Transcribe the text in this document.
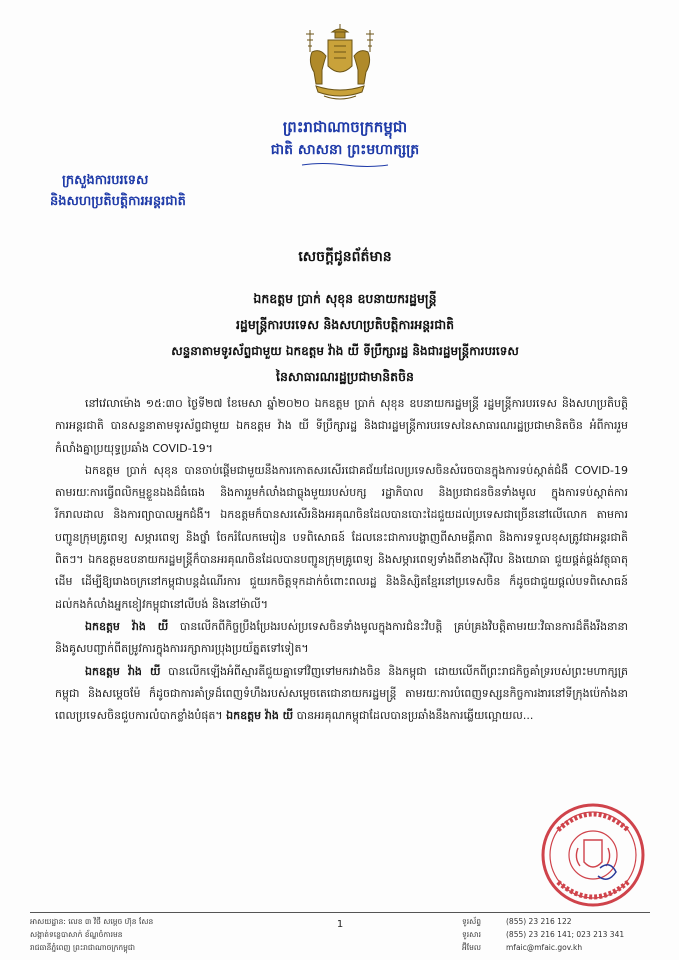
ព្រះរាជាណាចក្រកម្ពុជា
ជាតិ សាសនា ព្រះមហាក្សត្រ
ក្រសួងការបរទេស
និងសហប្រតិបត្តិការអន្តរជាតិ
សេចក្តីជូនព័ត៌មាន
ឯកឧត្តម ប្រាក់ សុខុន ឧបនាយករដ្ឋមន្ត្រី
រដ្ឋមន្ត្រីការបរទេស និងសហប្រតិបត្តិការអន្តរជាតិ
សន្ទនាតាមទូរស័ព្ទជាមួយ ឯកឧត្តម វ៉ាង យី ទីប្រឹក្សារដ្ឋ និងជារដ្ឋមន្ត្រីការបរទេស
នៃសាធារណរដ្ឋប្រជាមានិតចិន

នៅវេលាម៉ោង ១៥:៣០ ថ្ងៃទី២៧ ខែមេសា ឆ្នាំ២០២០ ឯកឧត្តម ប្រាក់ សុខុន ឧបនាយករដ្ឋមន្ត្រី រដ្ឋមន្ត្រីការបរទេស និងសហប្រតិបត្តិការអន្តរជាតិ បានសន្ទនាតាមទូរស័ព្ទជាមួយ ឯកឧត្តម វ៉ាង យី ទីប្រឹក្សារដ្ឋ និងជារដ្ឋមន្ត្រីការបរទេសនៃសាធារណរដ្ឋប្រជាមានិតចិន អំពីការរួមកំលាំងគ្នាប្រយុទ្ធប្រឆាំង COVID-19។

ឯកឧត្តម ប្រាក់ សុខុន បានចាប់ផ្តើមជាមួយនឹងការកោតសរសើរជោគជ័យដែលប្រទេសចិនសំរេចបានក្នុងការទប់ស្កាត់ជំងឺ COVID-19 តាមរយៈការធ្វើពលិកម្មខ្លួនឯងដ៏ធំធេង និងការរួមកំលាំងជាធ្លុងមួយរបស់បក្ស រដ្ឋាភិបាល និងប្រជាជនចិនទាំងមូល ក្នុងការទប់ស្កាត់ការរីករាលដាល និងការព្យាបាលអ្នកជំងឺ។ ឯកឧត្តមក៏បានសរសើរនិងអរគុណចិនដែលបានបោះដៃជួយដល់ប្រទេសជាច្រើននៅលើលោក តាមការបញ្ជូនក្រុមគ្រូពេទ្យ សម្ភារពេទ្យ និងថ្នាំ ចែករំលែកមេរៀន បទពិសោធន៍ ដែលនេះជាការបង្ហាញពីសាមគ្គីភាព និងការទទួលខុសត្រូវជាអន្តរជាតិពិតៗ។ ឯកឧត្តមឧបនាយករដ្ឋមន្ត្រីក៏បានអរគុណចិនដែលបានបញ្ជូនក្រុមគ្រូពេទ្យ និងសម្ភារពេទ្យទាំងពីខាងស៊ីវិល និងយោធា ជួយផ្គត់ផ្គង់វត្ថុធាតុដើម ដើម្បីឱ្យរោងចក្រនៅកម្ពុជាបន្តដំណើរការ ជួយរកចិត្តទុកដាក់ចំពោះពលរដ្ឋ និងនិស្សិតខ្មែរនៅប្រទេសចិន ក៏ដូចជាជួយផ្តល់បទពិសោធន៍ដល់កងកំលាំងអ្នកខៀវកម្ពុជានៅលីបង់ និងនៅម៉ាលី។

ឯកឧត្តម វ៉ាង យី បានលើកពីកិច្ចប្រឹងប្រែងរបស់ប្រទេសចិនទាំងមូលក្នុងការជំនះវិបត្តិ គ្រប់គ្រងវិបត្តិតាមរយៈវិធានការដ៏តឹងរឹងនានា និងគូសបញ្ជាក់ពីតម្រូវការក្នុងការរក្សាការប្រុងប្រយ័ត្នតទៅទៀត។

ឯកឧត្តម វ៉ាង យី បានលើកឡើងអំពីស្មារតីជួយគ្នាទៅវិញទៅមករវាងចិន និងកម្ពុជា ដោយលើកពីព្រះរាជកិច្ចគាំទ្ររបស់ព្រះមហាក្សត្រកម្ពុជា និងសម្តេចម៉ែ ក៏ដូចជាការគាំទ្រដ៏ពេញទំហឹងរបស់សម្តេចតេជោនាយករដ្ឋមន្ត្រី តាមរយៈការបំពេញទស្សនកិច្ចការងារនៅទីក្រុងប៉េកាំងនាពេលប្រទេសចិនជួបការលំបាកខ្លាំងបំផុត។ ឯកឧត្តម វ៉ាង យី បានអរគុណកម្ពុជាដែលបានប្រឆាំងនឹងការឆ្លើយល្អោយល...

អាសយដ្ឋាន: លេខ ៣ វិថី សម្តេច ហ៊ុន សែន
សង្កាត់ទន្លេបាសាក់ ខ័ណ្ឌចំការមន
រាជធានីភ្នំពេញ ព្រះរាជាណាចក្រកម្ពុជា
1	ទូរស័ព្ទ	(855) 23 216 122
ទូរសារ	(855) 23 216 141; 023 213 341
អ៊ីមែល	mfaic@mfaic.gov.kh
